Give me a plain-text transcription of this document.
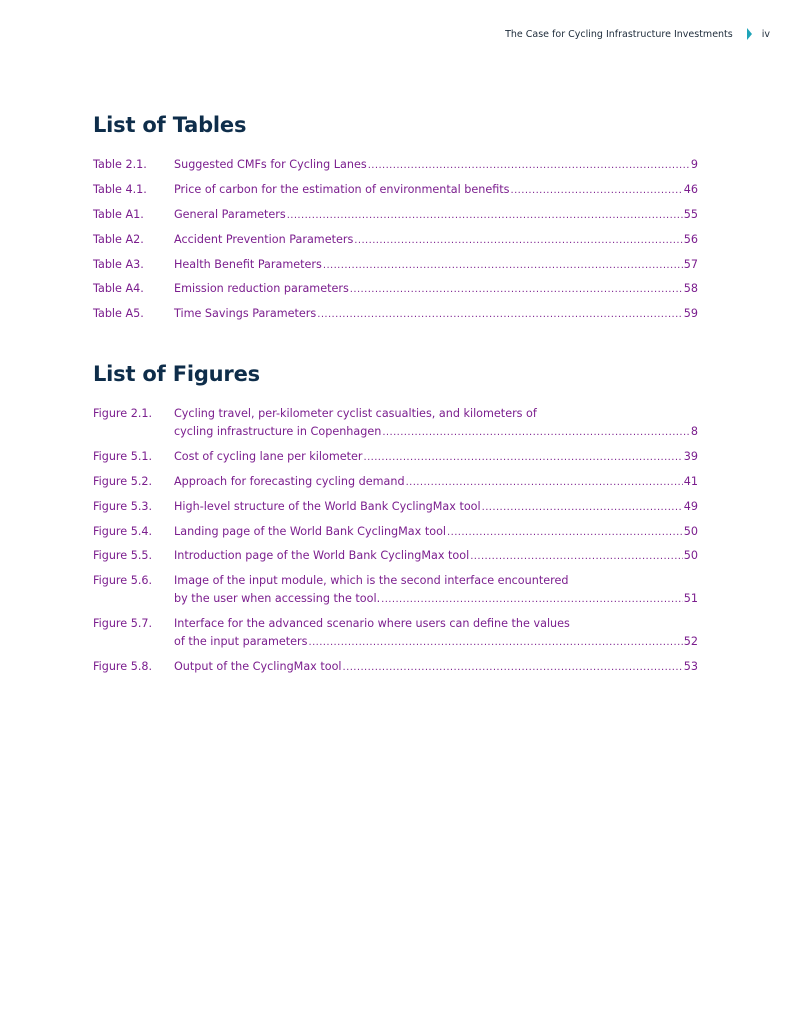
The Case for Cycling Infrastructure Investments	iv
List of Tables
Table 2.1.	Suggested CMFs for Cycling Lanes .....	9
Table 4.1.	Price of carbon for the estimation of environmental benefits .....	46
Table A1.	General Parameters .....	55
Table A2.	Accident Prevention Parameters .....	56
Table A3.	Health Benefit Parameters .....	57
Table A4.	Emission reduction parameters .....	58
Table A5.	Time Savings Parameters .....	59
List of Figures
Figure 2.1.	Cycling travel, per-kilometer cyclist casualties, and kilometers of
cycling infrastructure in Copenhagen .....	8
Figure 5.1.	Cost of cycling lane per kilometer .....	39
Figure 5.2.	Approach for forecasting cycling demand .....	41
Figure 5.3.	High-level structure of the World Bank CyclingMax tool .....	49
Figure 5.4.	Landing page of the World Bank CyclingMax tool .....	50
Figure 5.5.	Introduction page of the World Bank CyclingMax tool .....	50
Figure 5.6.	Image of the input module, which is the second interface encountered
by the user when accessing the tool. .....	51
Figure 5.7.	Interface for the advanced scenario where users can define the values
of the input parameters .....	52
Figure 5.8.	Output of the CyclingMax tool .....	53
